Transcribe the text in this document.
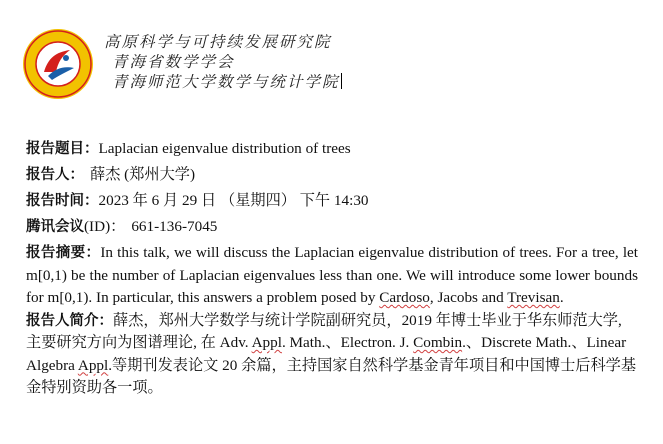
高原科学与可持续发展研究院
青海省数学学会
青海师范大学数学与统计学院
报告题目：Laplacian eigenvalue distribution of trees
报告人： 薛杰 (郑州大学)
报告时间：2023 年 6 月 29 日 （星期四） 下午 14:30
腾讯会议(ID)： 661-136-7045
报告摘要：In this talk, we will discuss the Laplacian eigenvalue distribution of trees. For a tree, let m[0,1) be the number of Laplacian eigenvalues less than one. We will introduce some lower bounds for m[0,1). In particular, this answers a problem posed by Cardoso, Jacobs and Trevisan.
报告人简介：薛杰，郑州大学数学与统计学院副研究员，2019 年博士毕业于华东师范大学, 主要研究方向为图谱理论, 在 Adv. Appl. Math.、Electron. J. Combin.、Discrete Math.、Linear Algebra Appl.等期刊发表论文 20 余篇，主持国家自然科学基金青年项目和中国博士后科学基金特别资助各一项。
